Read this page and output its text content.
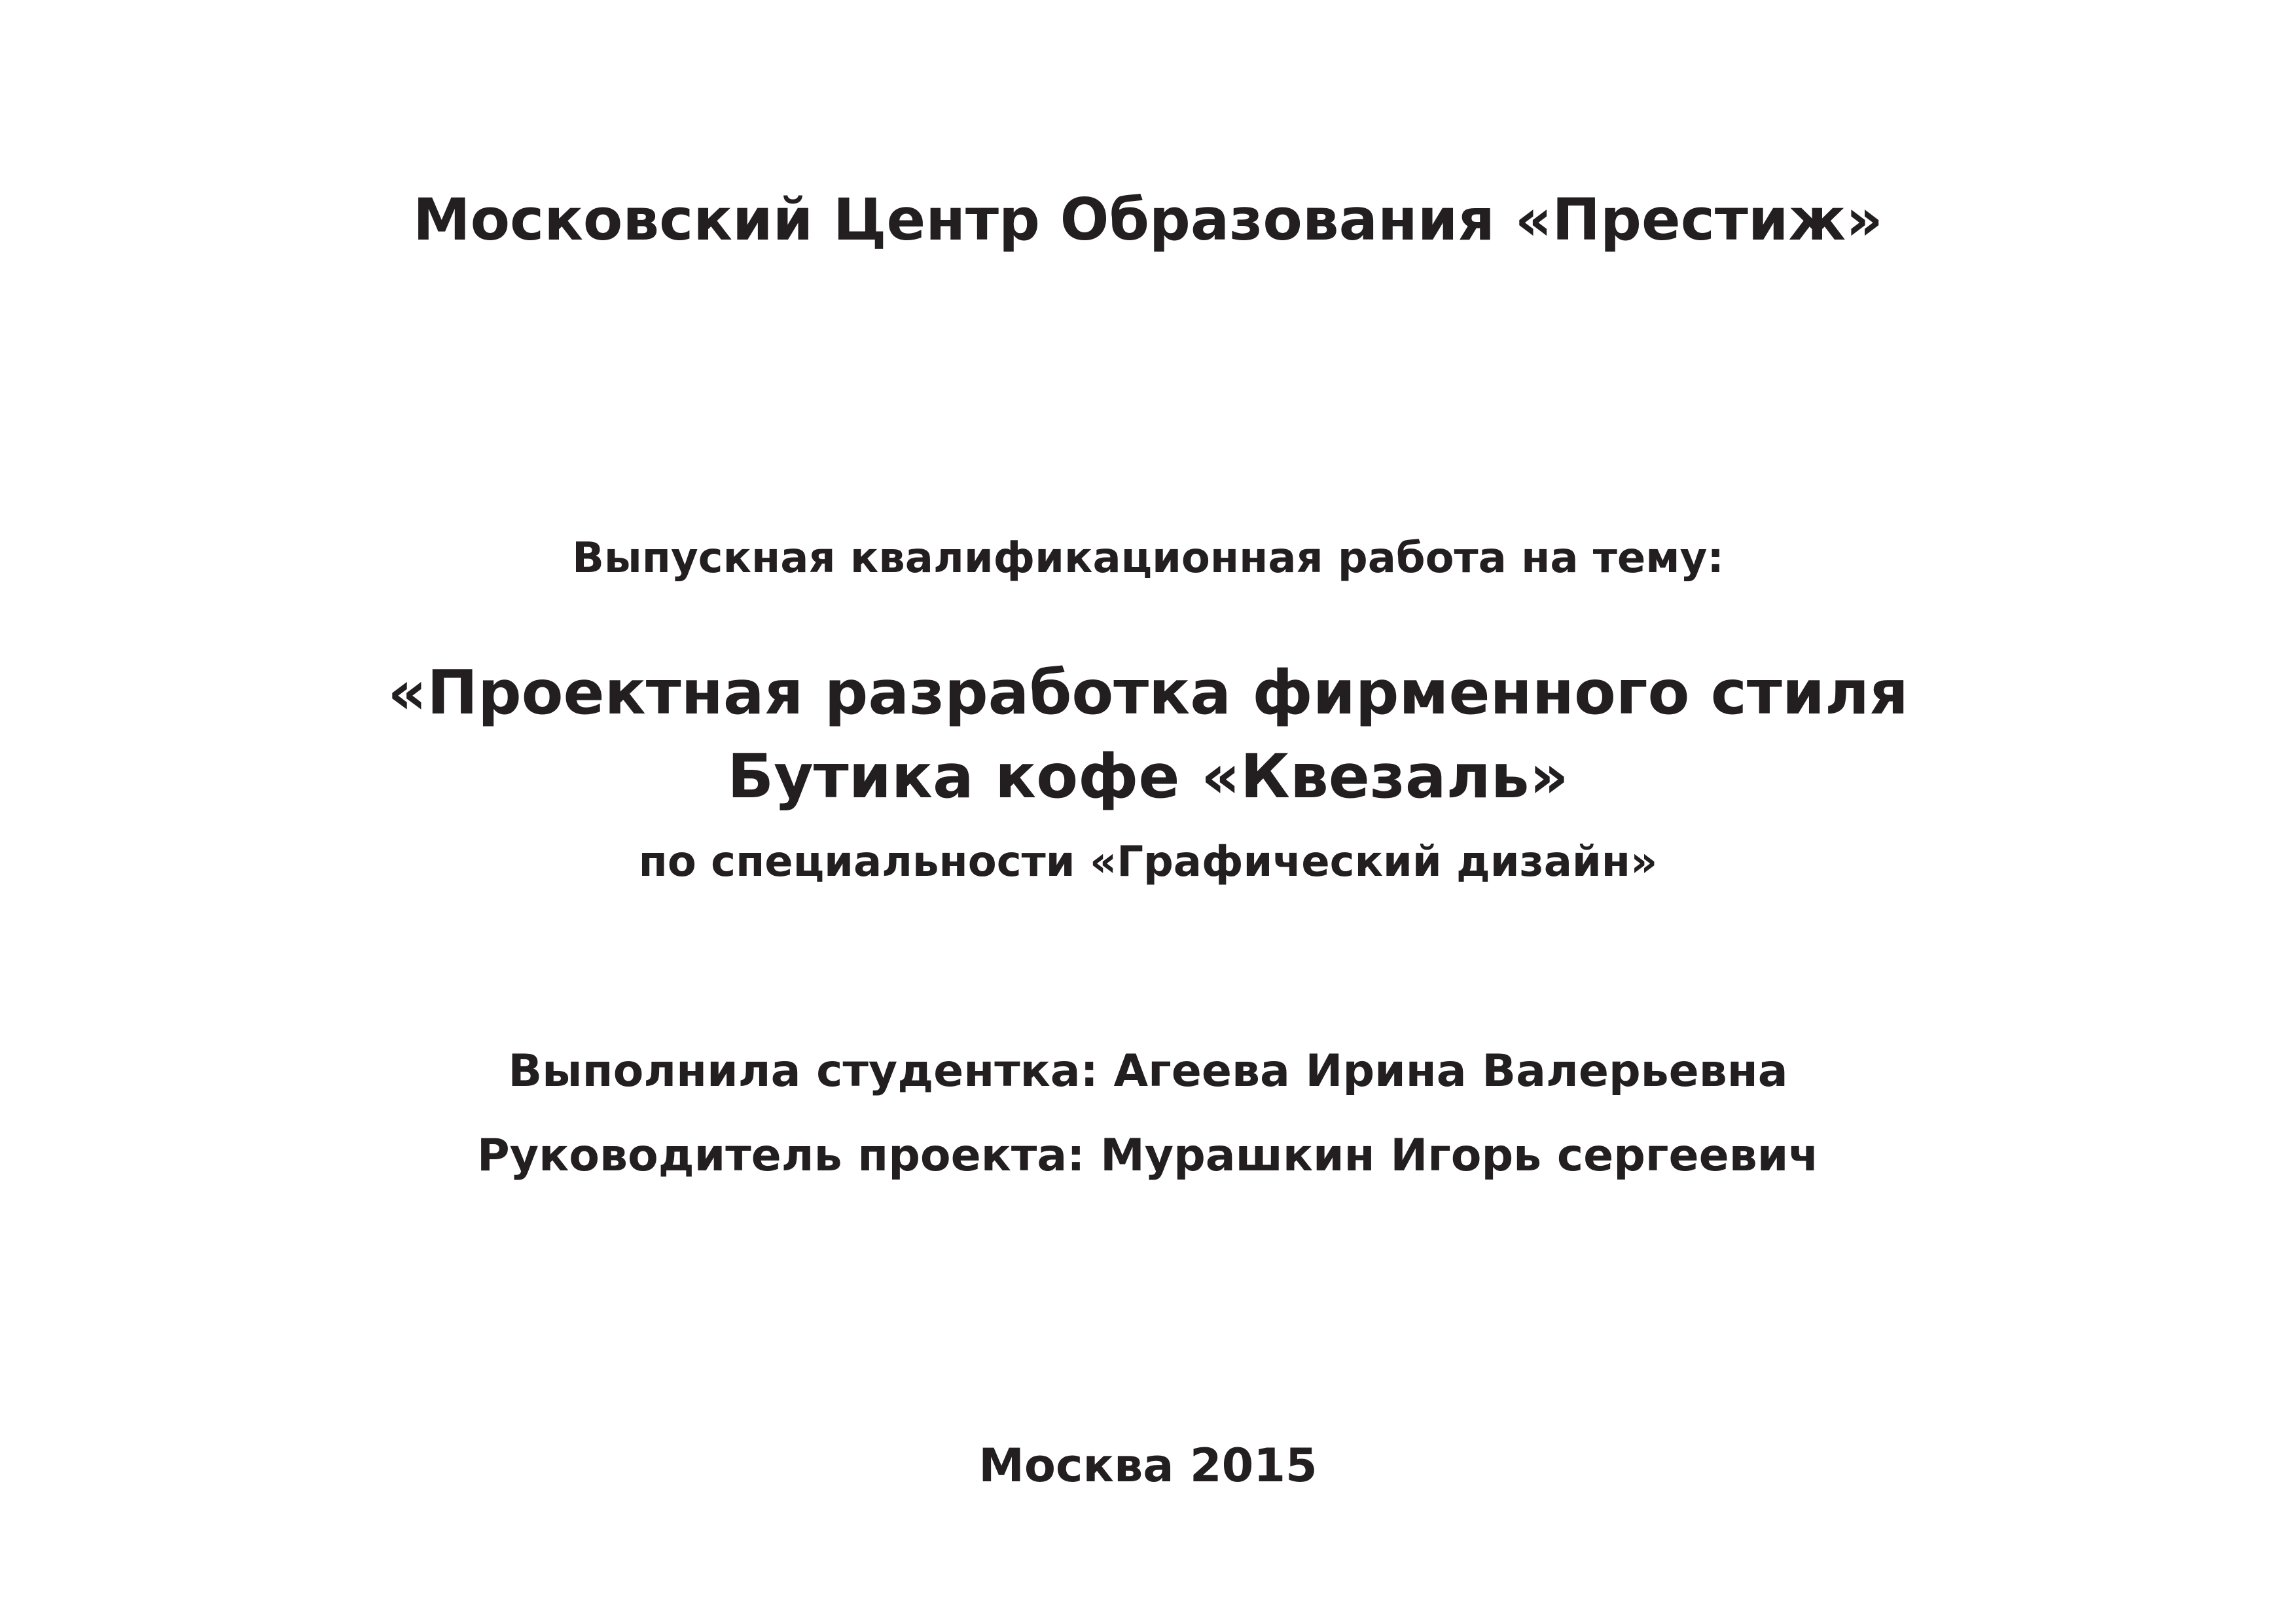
Московский Центр Образования «Престиж»

Выпускная квалификационная работа на тему:

«Проектная разработка фирменного стиля
Бутика кофе «Квезаль»

по специальности «Графический дизайн»

Выполнила студентка: Агеева Ирина Валерьевна

Руководитель проекта: Мурашкин Игорь сергеевич

Москва 2015
